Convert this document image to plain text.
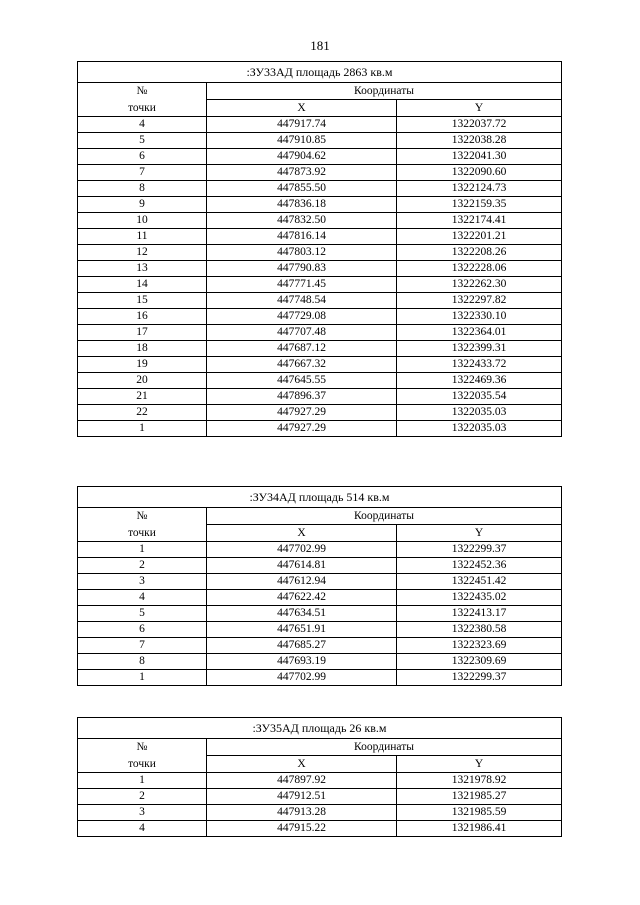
181
:ЗУ33АД площадь 2863 кв.м		
№	Координаты	
точки	X	Y
4	447917.74	1322037.72
5	447910.85	1322038.28
6	447904.62	1322041.30
7	447873.92	1322090.60
8	447855.50	1322124.73
9	447836.18	1322159.35
10	447832.50	1322174.41
11	447816.14	1322201.21
12	447803.12	1322208.26
13	447790.83	1322228.06
14	447771.45	1322262.30
15	447748.54	1322297.82
16	447729.08	1322330.10
17	447707.48	1322364.01
18	447687.12	1322399.31
19	447667.32	1322433.72
20	447645.55	1322469.36
21	447896.37	1322035.54
22	447927.29	1322035.03
1	447927.29	1322035.03
:ЗУ34АД площадь 514 кв.м		
№	Координаты	
точки	X	Y
1	447702.99	1322299.37
2	447614.81	1322452.36
3	447612.94	1322451.42
4	447622.42	1322435.02
5	447634.51	1322413.17
6	447651.91	1322380.58
7	447685.27	1322323.69
8	447693.19	1322309.69
1	447702.99	1322299.37
:ЗУ35АД площадь 26 кв.м		
№	Координаты	
точки	X	Y
1	447897.92	1321978.92
2	447912.51	1321985.27
3	447913.28	1321985.59
4	447915.22	1321986.41
